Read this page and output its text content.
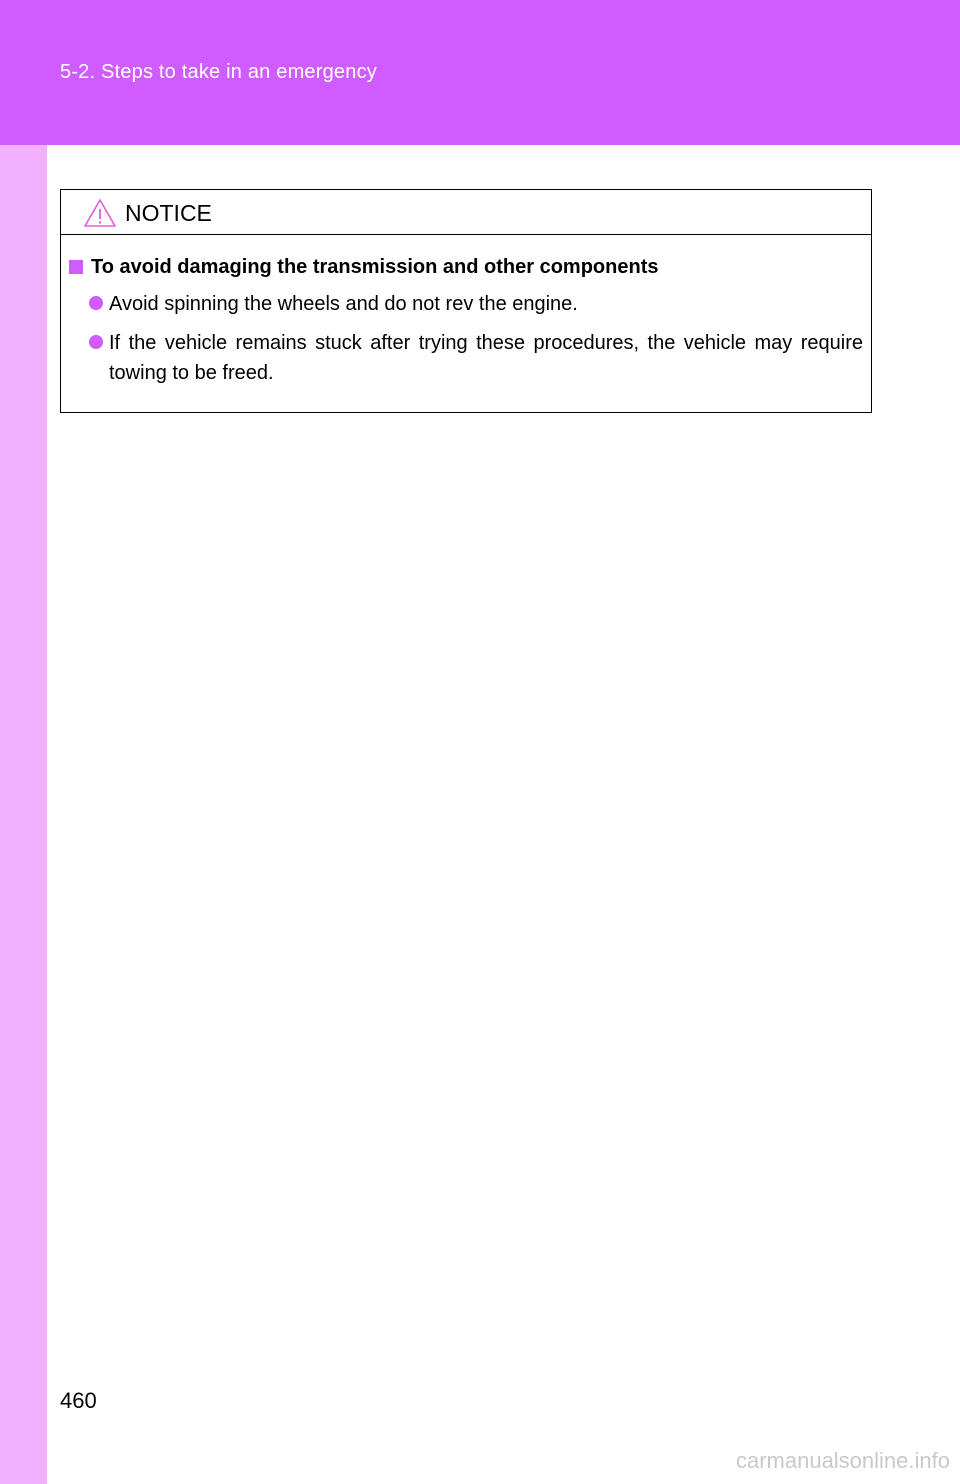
5-2. Steps to take in an emergency
NOTICE
To avoid damaging the transmission and other components
Avoid spinning the wheels and do not rev the engine.
If the vehicle remains stuck after trying these procedures, the vehicle may require towing to be freed.
460
carmanualsonline.info
